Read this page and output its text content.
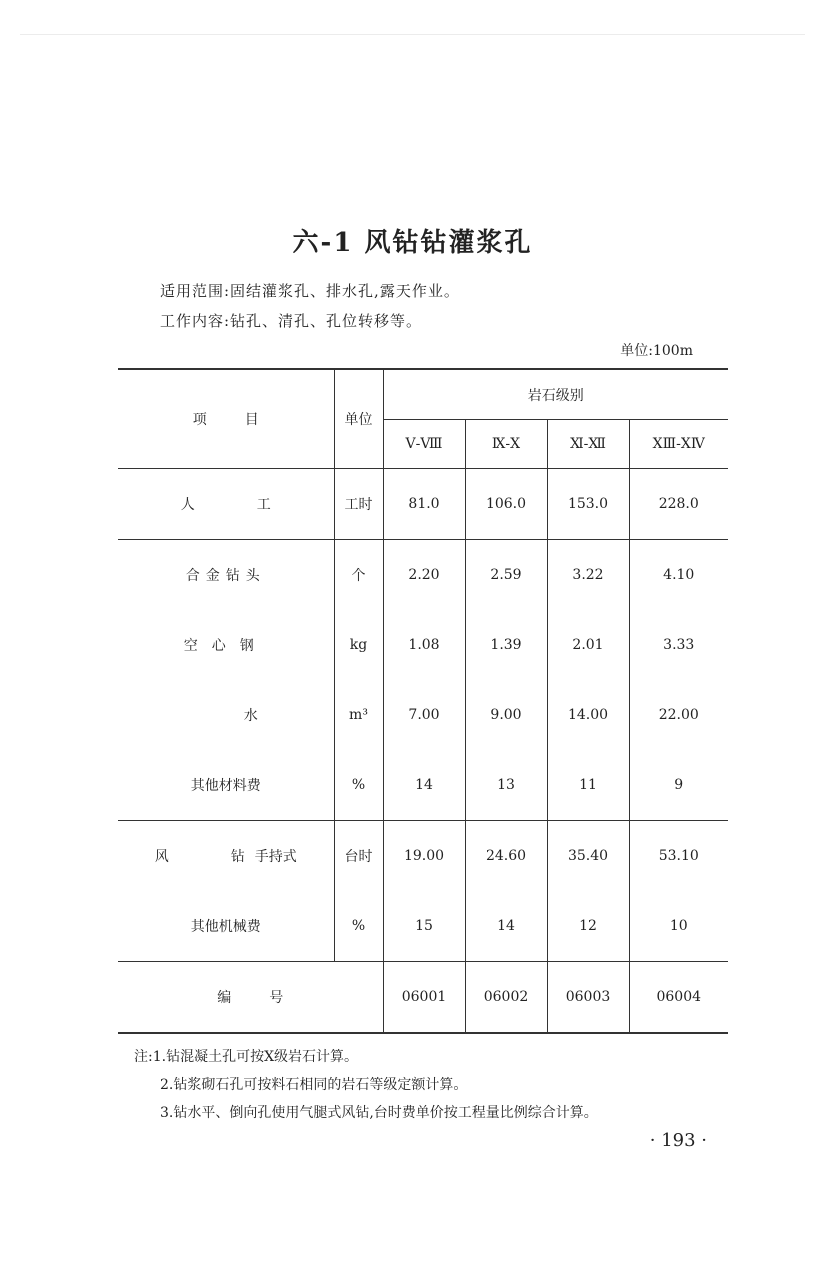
六-1 风钻钻灌浆孔
适用范围:固结灌浆孔、排水孔,露天作业。
工作内容:钻孔、清孔、孔位转移等。
单位:100m
项目	单位	岩石级别			
		Ⅴ-Ⅷ	Ⅸ-Ⅹ	Ⅺ-Ⅻ	ⅩⅢ-ⅩⅣ
人 工	工时	81.0	106.0	153.0	228.0
合金钻头	个	2.20	2.59	3.22	4.10
空心钢	kg	1.08	1.39	2.01	3.33
水	m³	7.00	9.00	14.00	22.00
其他材料费	%	14	13	11	9
风 钻 手持式	台时	19.00	24.60	35.40	53.10
其他机械费	%	15	14	12	10
编号		06001	06002	06003	06004
注:1.钻混凝土孔可按Ⅹ级岩石计算。
2.钻浆砌石孔可按料石相同的岩石等级定额计算。
3.钻水平、倒向孔使用气腿式风钻,台时费单价按工程量比例综合计算。
· 193 ·
